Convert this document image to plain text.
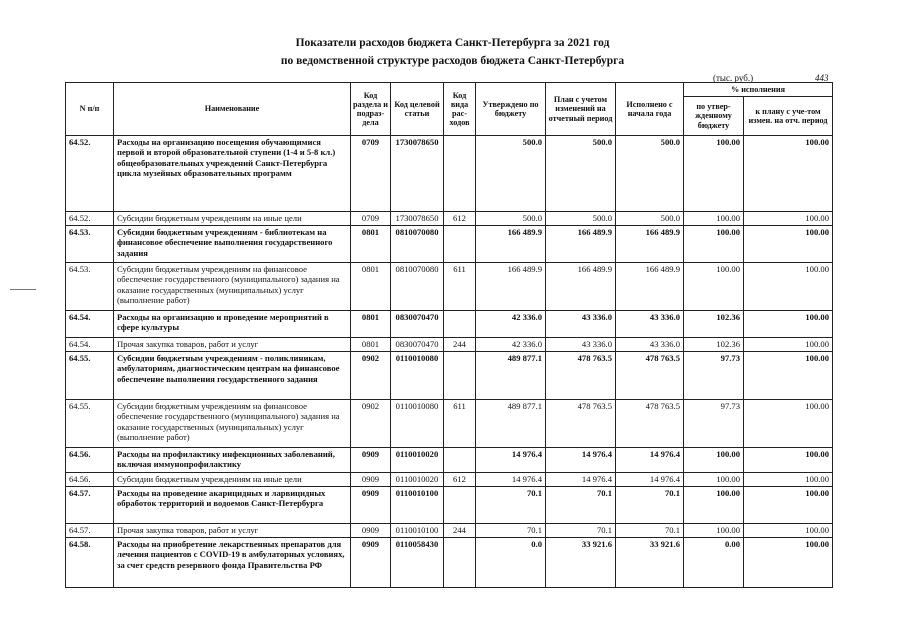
Показатели расходов бюджета Санкт-Петербурга за 2021 год
по ведомственной структуре расходов бюджета Санкт-Петербурга
(тыс. руб.)	443
N п/п	Наименование	Код раздела и подраз-дела	Код целевой статьи	Код вида рас-ходов	Утверждено по бюджету	План с учетом изменений на отчетный период	Исполнено с начала года	% исполнения	
								по утвер-жденному бюджету	к плану с уче-том измен. на отч. период
64.52.	Расходы на организацию посещения обучающимися первой и второй образовательной ступени (1-4 и 5-8 кл.) общеобразовательных учреждений Санкт-Петербурга цикла музейных образовательных программ	0709	1730078650		500.0	500.0	500.0	100.00	100.00
64.52.	Субсидии бюджетным учреждениям на иные цели	0709	1730078650	612	500.0	500.0	500.0	100.00	100.00
64.53.	Субсидии бюджетным учреждениям - библиотекам на финансовое обеспечение выполнения государственного задания	0801	0810070080		166 489.9	166 489.9	166 489.9	100.00	100.00
64.53.	Субсидии бюджетным учреждениям на финансовое обеспечение государственного (муниципального) задания на оказание государственных (муниципальных) услуг (выполнение работ)	0801	0810070080	611	166 489.9	166 489.9	166 489.9	100.00	100.00
64.54.	Расходы на организацию и проведение мероприятий в сфере культуры	0801	0830070470		42 336.0	43 336.0	43 336.0	102.36	100.00
64.54.	Прочая закупка товаров, работ и услуг	0801	0830070470	244	42 336.0	43 336.0	43 336.0	102.36	100.00
64.55.	Субсидии бюджетным учреждениям - поликлиникам, амбулаториям, диагностическим центрам на финансовое обеспечение выполнения государственного задания	0902	0110010080		489 877.1	478 763.5	478 763.5	97.73	100.00
64.55.	Субсидии бюджетным учреждениям на финансовое обеспечение государственного (муниципального) задания на оказание государственных (муниципальных) услуг (выполнение работ)	0902	0110010080	611	489 877.1	478 763.5	478 763.5	97.73	100.00
64.56.	Расходы на профилактику инфекционных заболеваний, включая иммунопрофилактику	0909	0110010020		14 976.4	14 976.4	14 976.4	100.00	100.00
64.56.	Субсидии бюджетным учреждениям на иные цели	0909	0110010020	612	14 976.4	14 976.4	14 976.4	100.00	100.00
64.57.	Расходы на проведение акарицидных и ларвицидных обработок территорий и водоемов Санкт-Петербурга	0909	0110010100		70.1	70.1	70.1	100.00	100.00
64.57.	Прочая закупка товаров, работ и услуг	0909	0110010100	244	70.1	70.1	70.1	100.00	100.00
64.58.	Расходы на приобретение лекарственных препаратов для лечения пациентов с COVID-19 в амбулаторных условиях, за счет средств резервного фонда Правительства РФ	0909	0110058430		0.0	33 921.6	33 921.6	0.00	100.00
